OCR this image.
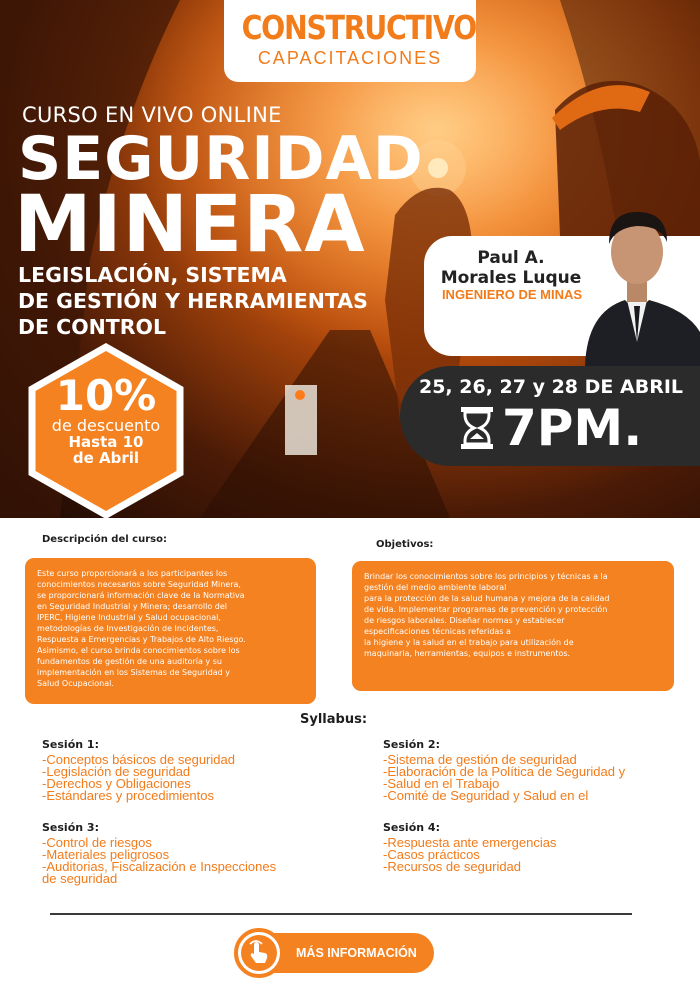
CONSTRUCTIVO
CAPACITACIONES
CURSO EN VIVO ONLINE
SEGURIDAD
MINERA
LEGISLACIÓN, SISTEMA
DE GESTIÓN Y HERRAMIENTAS
DE CONTROL
10%
de descuento
Hasta 10
de Abril
Paul A.
Morales Luque
INGENIERO DE MINAS
25, 26, 27 y 28 DE ABRIL
7PM.
Descripción del curso:
Este curso proporcionará a los participantes los
conocimientos necesarios sobre Seguridad Minera,
se proporcionará información clave de la Normativa
en Seguridad Industrial y Minera; desarrollo del
IPERC, Higiene Industrial y Salud ocupacional,
metodologías de Investigación de Incidentes,
Respuesta a Emergencias y Trabajos de Alto Riesgo.
Asimismo, el curso brinda conocimientos sobre los
fundamentos de gestión de una auditoría y su
implementación en los Sistemas de Seguridad y
Salud Ocupacional.
Objetivos:
Brindar los conocimientos sobre los principios y técnicas a la
gestión del medio ambiente laboral
para la protección de la salud humana y mejora de la calidad
de vida. Implementar programas de prevención y protección
de riesgos laborales. Diseñar normas y establecer
especificaciones técnicas referidas a
la higiene y la salud en el trabajo para utilización de
maquinaria, herramientas, equipos e instrumentos.
Syllabus:
Sesión 1:
-Conceptos básicos de seguridad
-Legislación de seguridad
-Derechos y Obligaciones
-Estándares y procedimientos
Sesión 2:
-Sistema de gestión de seguridad
-Elaboración de la Política de Seguridad y
-Salud en el Trabajo
-Comité de Seguridad y Salud en el
Sesión 3:
-Control de riesgos
-Materiales peligrosos
-Auditorias, Fiscalización e Inspecciones
de seguridad
Sesión 4:
-Respuesta ante emergencias
-Casos prácticos
-Recursos de seguridad
MÁS INFORMACIÓN
